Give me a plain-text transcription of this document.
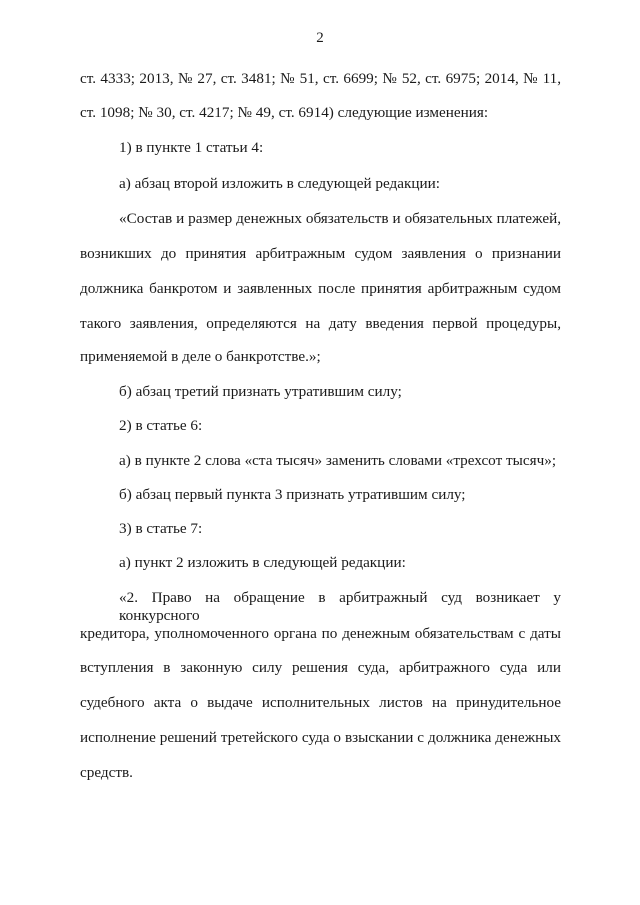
2
ст. 4333; 2013, № 27, ст. 3481; № 51, ст. 6699; № 52, ст. 6975; 2014, № 11,
ст. 1098; № 30, ст. 4217; № 49, ст. 6914) следующие изменения:
1) в пункте 1 статьи 4:
а) абзац второй изложить в следующей редакции:
«Состав и размер денежных обязательств и обязательных платежей,
возникших до принятия арбитражным судом заявления о признании
должника банкротом и заявленных после принятия арбитражным судом
такого заявления, определяются на дату введения первой процедуры,
применяемой в деле о банкротстве.»;
б) абзац третий признать утратившим силу;
2) в статье 6:
а) в пункте 2 слова «ста тысяч» заменить словами «трехсот тысяч»;
б) абзац первый пункта 3 признать утратившим силу;
3) в статье 7:
а) пункт 2 изложить в следующей редакции:
«2. Право на обращение в арбитражный суд возникает у конкурсного
кредитора, уполномоченного органа по денежным обязательствам с даты
вступления в законную силу решения суда, арбитражного суда или
судебного акта о выдаче исполнительных листов на принудительное
исполнение решений третейского суда о взыскании с должника денежных
средств.
